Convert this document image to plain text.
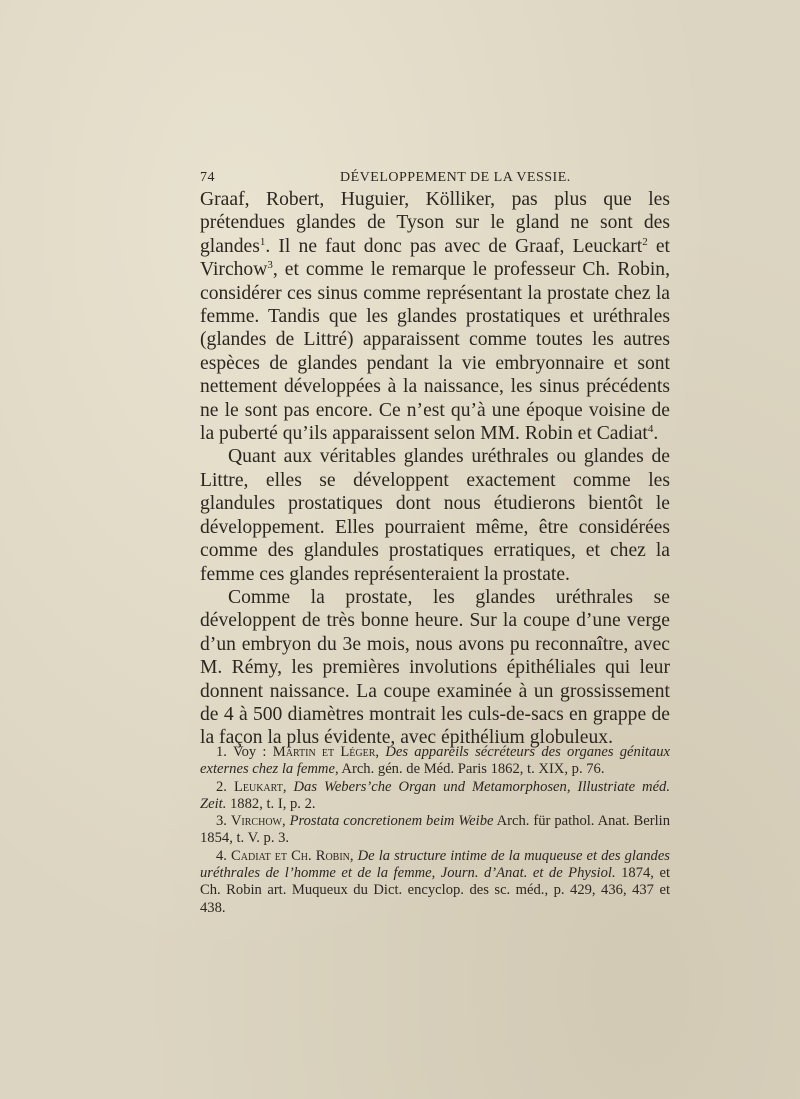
74	DÉVELOPPEMENT DE LA VESSIE.

Graaf, Robert, Huguier, Kölliker, pas plus que les prétendues glandes de Tyson sur le gland ne sont des glandes$^1$. Il ne faut donc pas avec de Graaf, Leuckart$^2$ et Virchow$^3$, et comme le remarque le professeur Ch. Robin, considérer ces sinus comme représentant la prostate chez la femme. Tandis que les glandes prostatiques et uréthrales (glandes de Littré) apparaissent comme toutes les autres espèces de glandes pendant la vie embryonnaire et sont nettement développées à la naissance, les sinus précédents ne le sont pas encore. Ce n’est qu’à une époque voisine de la puberté qu’ils apparaissent selon MM. Robin et Cadiat$^4$.

Quant aux véritables glandes uréthrales ou glandes de Littre, elles se développent exactement comme les glandules prostatiques dont nous étudierons bientôt le développement. Elles pourraient même, être considérées comme des glandules prostatiques erratiques, et chez la femme ces glandes représenteraient la prostate.

Comme la prostate, les glandes uréthrales se développent de très bonne heure. Sur la coupe d’une verge d’un embryon du 3e mois, nous avons pu reconnaître, avec M. Rémy, les premières involutions épithéliales qui leur donnent naissance. La coupe examinée à un grossissement de 4 à 500 diamètres montrait les culs-de-sacs en grappe de la façon la plus évidente, avec épithélium globuleux.

1. Voy : Martin et Léger, Des appareils sécréteurs des organes génitaux externes chez la femme, Arch. gén. de Méd. Paris 1862, t. XIX, p. 76.

2. Leukart, Das Webers’che Organ und Metamorphosen, Illustriate méd. Zeit. 1882, t. I, p. 2.

3. Virchow, Prostata concretionem beim Weibe Arch. für pathol. Anat. Berlin 1854, t. V. p. 3.

4. Cadiat et Ch. Robin, De la structure intime de la muqueuse et des glandes uréthrales de l’homme et de la femme, Journ. d’Anat. et de Physiol. 1874, et Ch. Robin art. Muqueux du Dict. encyclop. des sc. méd., p. 429, 436, 437 et 438.
